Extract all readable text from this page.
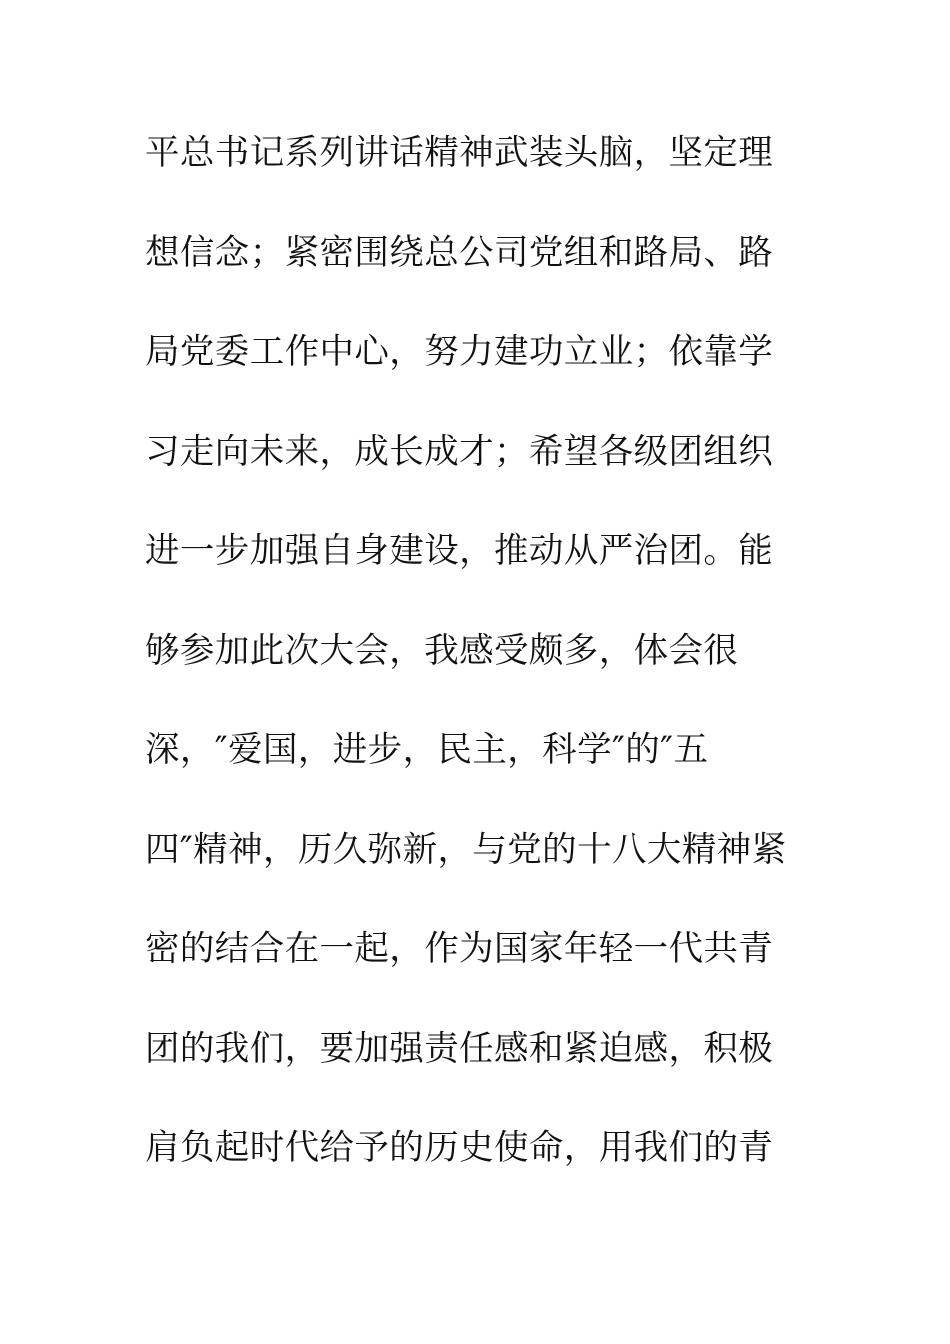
平总书记系列讲话精神武装头脑，坚定理
想信念；紧密围绕总公司党组和路局、路
局党委工作中心，努力建功立业；依靠学
习走向未来，成长成才；希望各级团组织
进一步加强自身建设，推动从严治团。能
够参加此次大会，我感受颇多，体会很
深，″爱国，进步，民主，科学″的″五
四″精神，历久弥新，与党的十八大精神紧
密的结合在一起，作为国家年轻一代共青
团的我们，要加强责任感和紧迫感，积极
肩负起时代给予的历史使命，用我们的青
